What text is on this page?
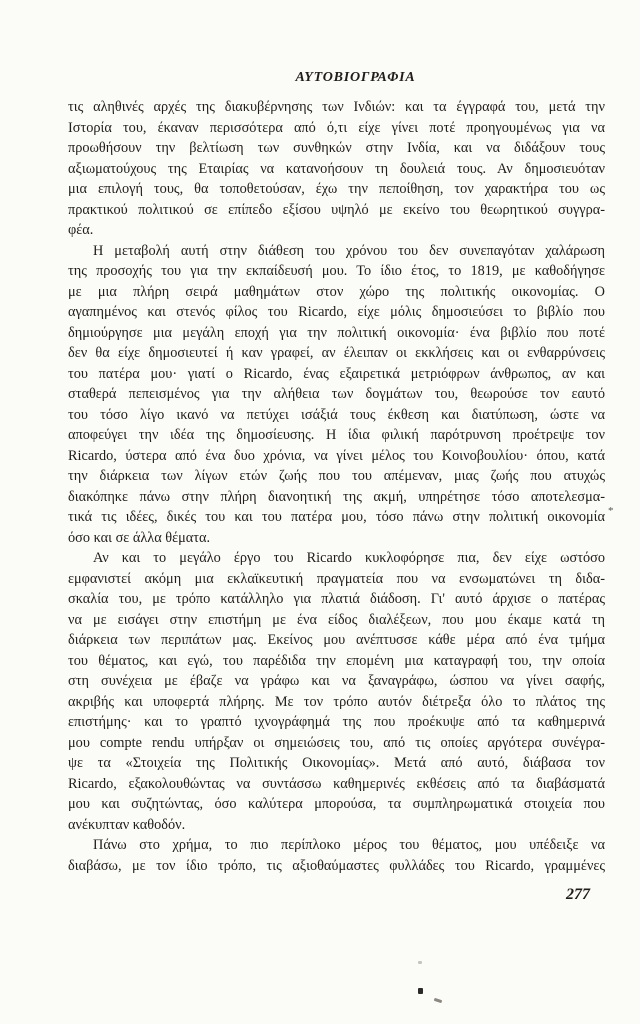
ΑΥΤΟΒΙΟΓΡΑΦΙΑ
τις αληθινές αρχές της διακυβέρνησης των Ινδιών: και τα έγγραφά του, μετά την
Ιστορία του, έκαναν περισσότερα από ό,τι είχε γίνει ποτέ προηγουμένως για να
προωθήσουν την βελτίωση των συνθηκών στην Ινδία, και να διδάξουν τους
αξιωματούχους της Εταιρίας να κατανοήσουν τη δουλειά τους. Αν δημοσιευόταν
μια επιλογή τους, θα τοποθετούσαν, έχω την πεποίθηση, τον χαρακτήρα του ως
πρακτικού πολιτικού σε επίπεδο εξίσου υψηλό με εκείνο του θεωρητικού συγγρα-
φέα.
Η μεταβολή αυτή στην διάθεση του χρόνου του δεν συνεπαγόταν χαλάρωση
της προσοχής του για την εκπαίδευσή μου. Το ίδιο έτος, το 1819, με καθοδήγησε
με μια πλήρη σειρά μαθημάτων στον χώρο της πολιτικής οικονομίας. Ο
αγαπημένος και στενός φίλος του Ricardo, είχε μόλις δημοσιεύσει το βιβλίο που
δημιούργησε μια μεγάλη εποχή για την πολιτική οικονομία· ένα βιβλίο που ποτέ
δεν θα είχε δημοσιευτεί ή καν γραφεί, αν έλειπαν οι εκκλήσεις και οι ενθαρρύνσεις
του πατέρα μου· γιατί ο Ricardo, ένας εξαιρετικά μετριόφρων άνθρωπος, αν και
σταθερά πεπεισμένος για την αλήθεια των δογμάτων του, θεωρούσε τον εαυτό
του τόσο λίγο ικανό να πετύχει ισάξιά τους έκθεση και διατύπωση, ώστε να
αποφεύγει την ιδέα της δημοσίευσης. Η ίδια φιλική παρότρυνση προέτρεψε τον
Ricardo, ύστερα από ένα δυο χρόνια, να γίνει μέλος του Κοινοβουλίου· όπου, κατά
την διάρκεια των λίγων ετών ζωής που του απέμεναν, μιας ζωής που ατυχώς
διακόπηκε πάνω στην πλήρη διανοητική της ακμή, υπηρέτησε τόσο αποτελεσμα-
τικά τις ιδέες, δικές του και του πατέρα μου, τόσο πάνω στην πολιτική οικονομία
όσο και σε άλλα θέματα.
Αν και το μεγάλο έργο του Ricardo κυκλοφόρησε πια, δεν είχε ωστόσο
εμφανιστεί ακόμη μια εκλαϊκευτική πραγματεία που να ενσωματώνει τη διδα-
σκαλία του, με τρόπο κατάλληλο για πλατιά διάδοση. Γι' αυτό άρχισε ο πατέρας
να με εισάγει στην επιστήμη με ένα είδος διαλέξεων, που μου έκαμε κατά τη
διάρκεια των περιπάτων μας. Εκείνος μου ανέπτυσσε κάθε μέρα από ένα τμήμα
του θέματος, και εγώ, του παρέδιδα την επομένη μια καταγραφή του, την οποία
στη συνέχεια με έβαζε να γράφω και να ξαναγράφω, ώσπου να γίνει σαφής,
ακριβής και υποφερτά πλήρης. Με τον τρόπο αυτόν διέτρεξα όλο το πλάτος της
επιστήμης· και το γραπτό ιχνογράφημά της που προέκυψε από τα καθημερινά
μου compte rendu υπήρξαν οι σημειώσεις του, από τις οποίες αργότερα συνέγρα-
ψε τα «Στοιχεία της Πολιτικής Οικονομίας». Μετά από αυτό, διάβασα τον
Ricardo, εξακολουθώντας να συντάσσω καθημερινές εκθέσεις από τα διαβάσματά
μου και συζητώντας, όσο καλύτερα μπορούσα, τα συμπληρωματικά στοιχεία που
ανέκυπταν καθοδόν.
Πάνω στο χρήμα, το πιο περίπλοκο μέρος του θέματος, μου υπέδειξε να
διαβάσω, με τον ίδιο τρόπο, τις αξιοθαύμαστες φυλλάδες του Ricardo, γραμμένες
*
277
